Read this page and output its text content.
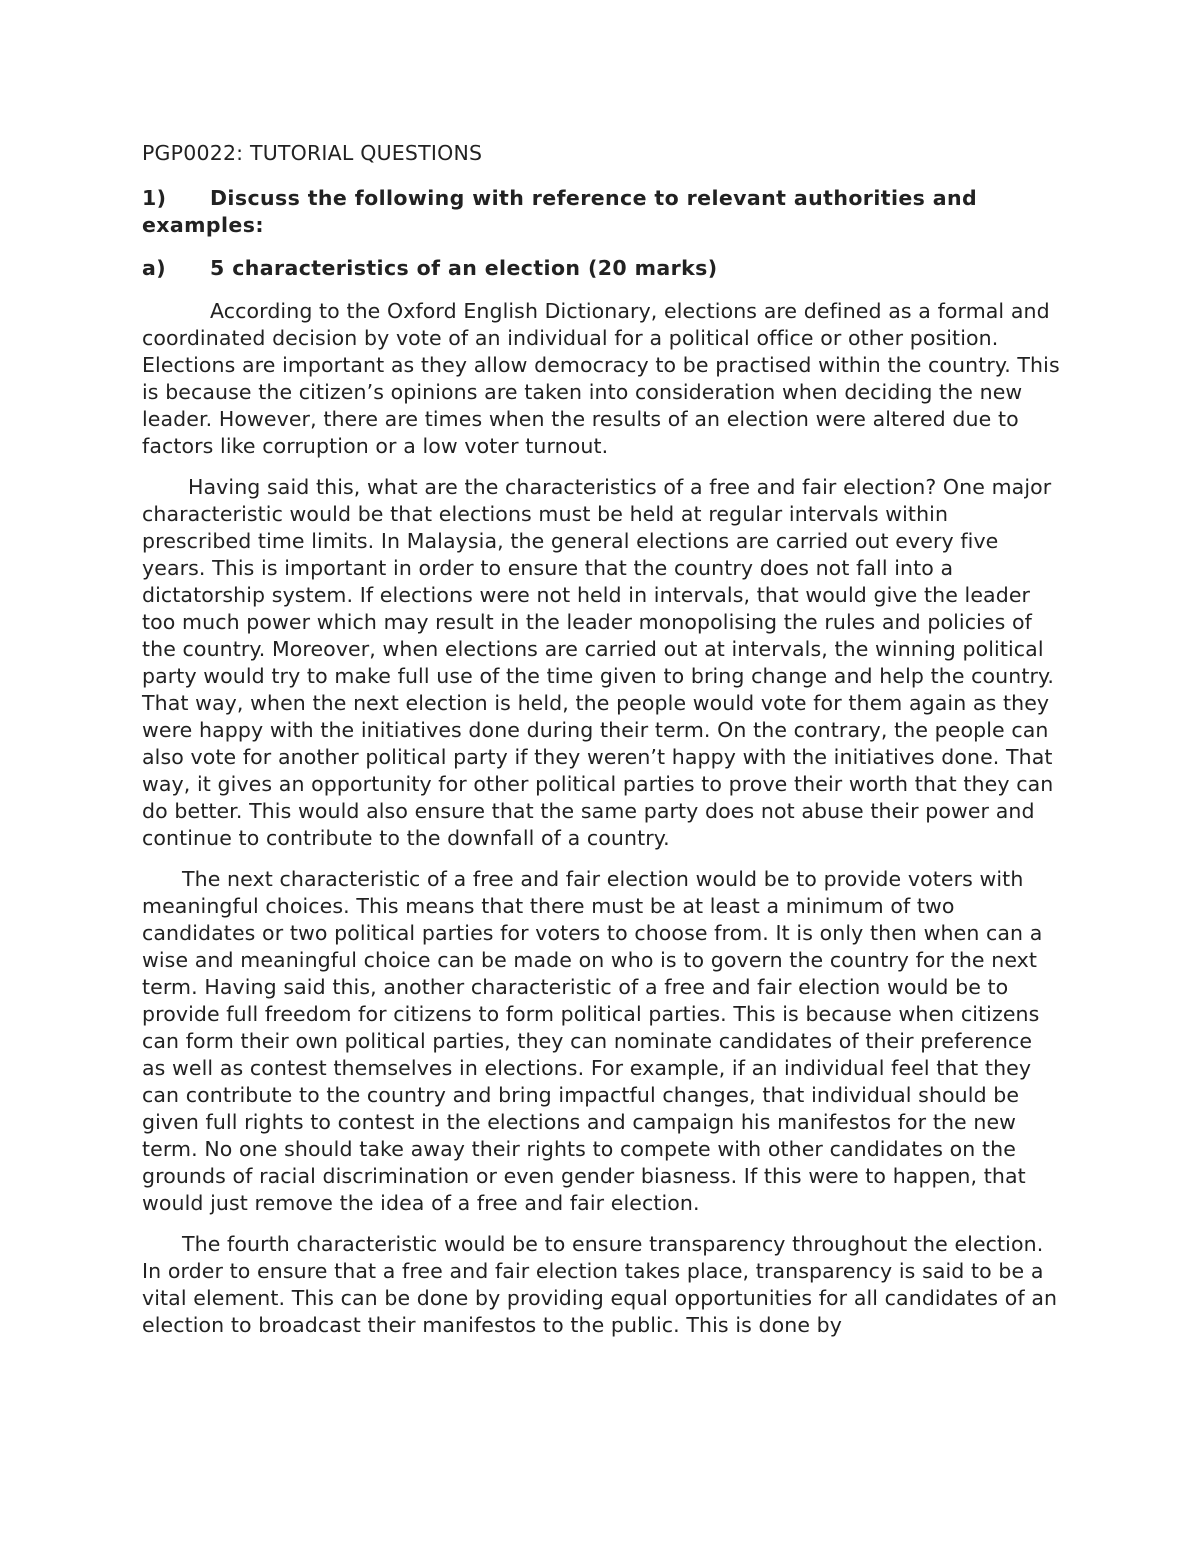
PGP0022: TUTORIAL QUESTIONS
1) Discuss the following with reference to relevant authorities and examples:
a)	5 characteristics of an election (20 marks)

According to the Oxford English Dictionary, elections are defined as a formal and coordinated decision by vote of an individual for a political office or other position. Elections are important as they allow democracy to be practised within the country. This is because the citizen’s opinions are taken into consideration when deciding the new leader. However, there are times when the results of an election were altered due to factors like corruption or a low voter turnout.

Having said this, what are the characteristics of a free and fair election? One major characteristic would be that elections must be held at regular intervals within prescribed time limits. In Malaysia, the general elections are carried out every five years. This is important in order to ensure that the country does not fall into a dictatorship system. If elections were not held in intervals, that would give the leader too much power which may result in the leader monopolising the rules and policies of the country. Moreover, when elections are carried out at intervals, the winning political party would try to make full use of the time given to bring change and help the country. That way, when the next election is held, the people would vote for them again as they were happy with the initiatives done during their term. On the contrary, the people can also vote for another political party if they weren’t happy with the initiatives done. That way, it gives an opportunity for other political parties to prove their worth that they can do better. This would also ensure that the same party does not abuse their power and continue to contribute to the downfall of a country.

The next characteristic of a free and fair election would be to provide voters with meaningful choices. This means that there must be at least a minimum of two candidates or two political parties for voters to choose from. It is only then when can a wise and meaningful choice can be made on who is to govern the country for the next term. Having said this, another characteristic of a free and fair election would be to provide full freedom for citizens to form political parties. This is because when citizens can form their own political parties, they can nominate candidates of their preference as well as contest themselves in elections. For example, if an individual feel that they can contribute to the country and bring impactful changes, that individual should be given full rights to contest in the elections and campaign his manifestos for the new term. No one should take away their rights to compete with other candidates on the grounds of racial discrimination or even gender biasness. If this were to happen, that would just remove the idea of a free and fair election.

The fourth characteristic would be to ensure transparency throughout the election. In order to ensure that a free and fair election takes place, transparency is said to be a vital element. This can be done by providing equal opportunities for all candidates of an election to broadcast their manifestos to the public. This is done by
